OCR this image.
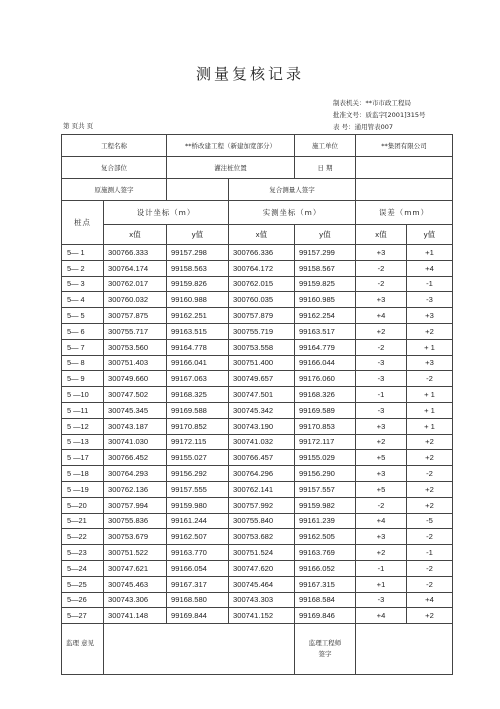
测量复核记录
制表机关：**市市政工程局
批准文号：质监字[2001]315号
表 号：通用管表007
第 页共 页
工程名称		**桥改建工程（新建加宽部分）		施工单位	**集团有限公司	
复合部位		灌注桩位置		日 期		
原施测人签字			复合测量人签字			
桩点	设计坐标（m）		实测坐标（m）		误差（mm）	
	x值	y值	x值	y值	x值	y值
5— 1	300766.333	99157.298	300766.336	99157.299	+3	+1
5— 2	300764.174	99158.563	300764.172	99158.567	-2	+4
5— 3	300762.017	99159.826	300762.015	99159.825	-2	-1
5— 4	300760.032	99160.988	300760.035	99160.985	+3	-3
5— 5	300757.875	99162.251	300757.879	99162.254	+4	+3
5— 6	300755.717	99163.515	300755.719	99163.517	+2	+2
5— 7	300753.560	99164.778	300753.558	99164.779	-2	+ 1
5— 8	300751.403	99166.041	300751.400	99166.044	-3	+3
5— 9	300749.660	99167.063	300749.657	99176.060	-3	-2
5 —10	300747.502	99168.325	300747.501	99168.326	-1	+ 1
5 —11	300745.345	99169.588	300745.342	99169.589	-3	+ 1
5 —12	300743.187	99170.852	300743.190	99170.853	+3	+ 1
5 —13	300741.030	99172.115	300741.032	99172.117	+2	+2
5 —17	300766.452	99155.027	300766.457	99155.029	+5	+2
5 —18	300764.293	99156.292	300764.296	99156.290	+3	-2
5 —19	300762.136	99157.555	300762.141	99157.557	+5	+2
5—20	300757.994	99159.980	300757.992	99159.982	-2	+2
5—21	300755.836	99161.244	300755.840	99161.239	+4	-5
5—22	300753.679	99162.507	300753.682	99162.505	+3	-2
5—23	300751.522	99163.770	300751.524	99163.769	+2	-1
5—24	300747.621	99166.054	300747.620	99166.052	-1	-2
5—25	300745.463	99167.317	300745.464	99167.315	+1	-2
5—26	300743.306	99168.580	300743.303	99168.584	-3	+4
5—27	300741.148	99169.844	300741.152	99169.846	+4	+2
监理 意见				监理工程师
签字		
